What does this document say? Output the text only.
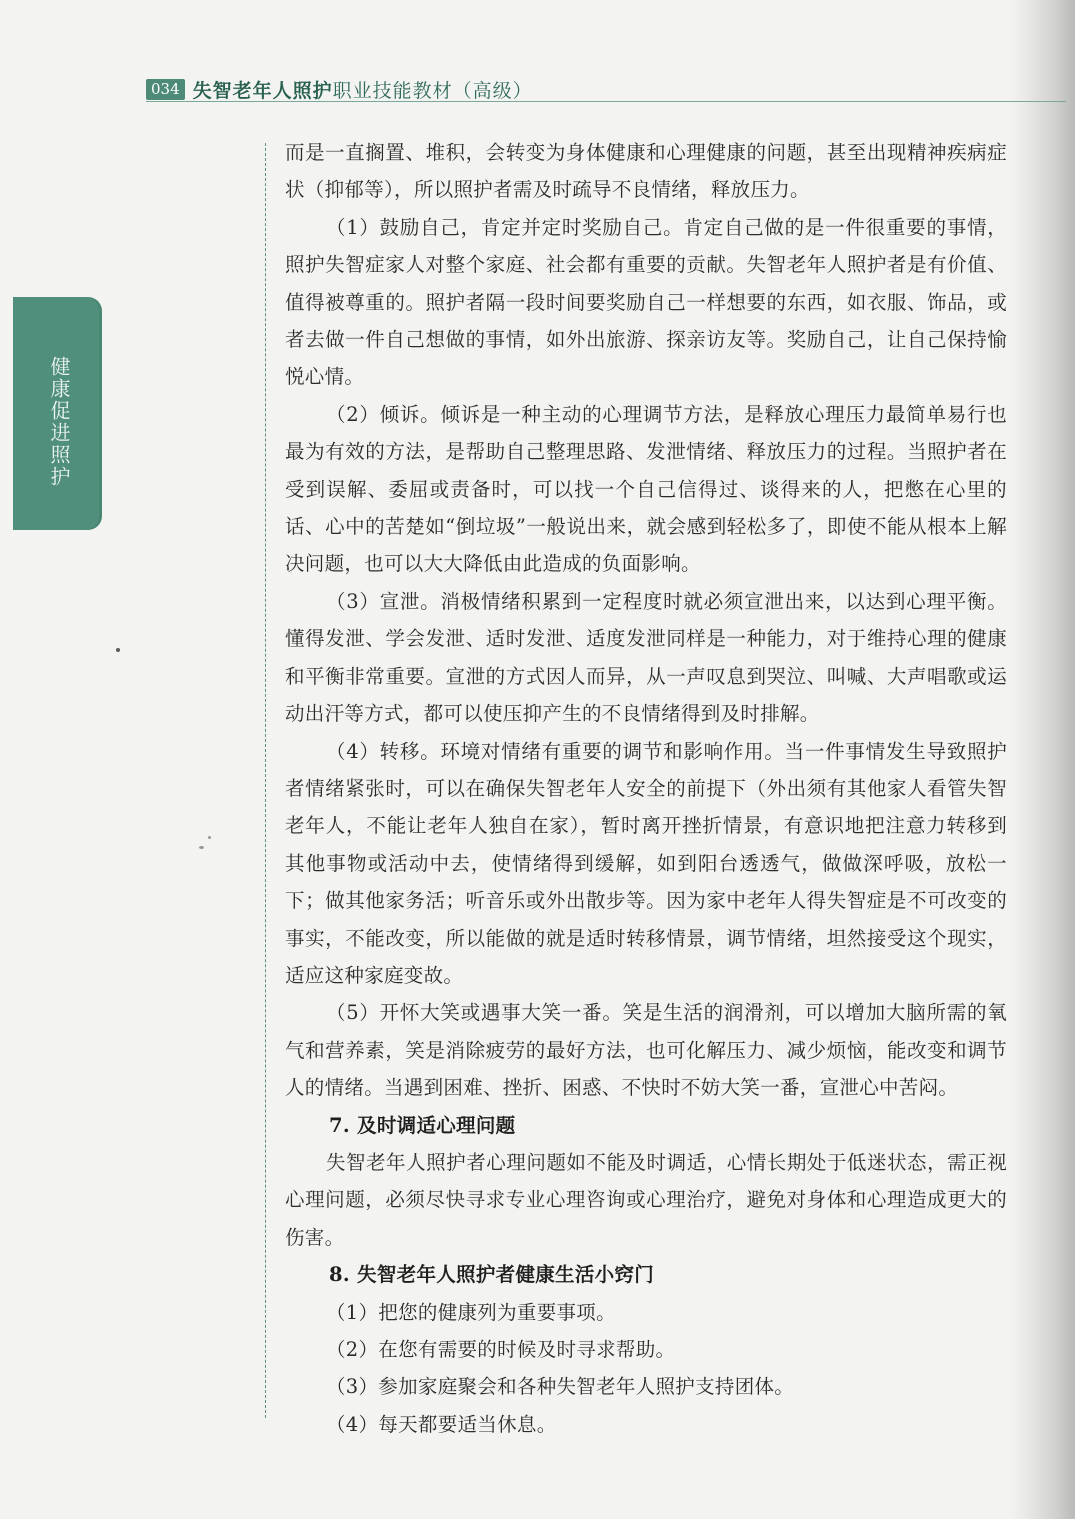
034 失智老年人照护职业技能教材（高级）
健康促进照护

而是一直搁置、堆积，会转变为身体健康和心理健康的问题，甚至出现精神疾病症状（抑郁等），所以照护者需及时疏导不良情绪，释放压力。

（1）鼓励自己，肯定并定时奖励自己。肯定自己做的是一件很重要的事情，照护失智症家人对整个家庭、社会都有重要的贡献。失智老年人照护者是有价值、值得被尊重的。照护者隔一段时间要奖励自己一样想要的东西，如衣服、饰品，或者去做一件自己想做的事情，如外出旅游、探亲访友等。奖励自己，让自己保持愉悦心情。

（2）倾诉。倾诉是一种主动的心理调节方法，是释放心理压力最简单易行也最为有效的方法，是帮助自己整理思路、发泄情绪、释放压力的过程。当照护者在受到误解、委屈或责备时，可以找一个自己信得过、谈得来的人，把憋在心里的话、心中的苦楚如“倒垃圾”一般说出来，就会感到轻松多了，即使不能从根本上解决问题，也可以大大降低由此造成的负面影响。

（3）宣泄。消极情绪积累到一定程度时就必须宣泄出来，以达到心理平衡。懂得发泄、学会发泄、适时发泄、适度发泄同样是一种能力，对于维持心理的健康和平衡非常重要。宣泄的方式因人而异，从一声叹息到哭泣、叫喊、大声唱歌或运动出汗等方式，都可以使压抑产生的不良情绪得到及时排解。

（4）转移。环境对情绪有重要的调节和影响作用。当一件事情发生导致照护者情绪紧张时，可以在确保失智老年人安全的前提下（外出须有其他家人看管失智老年人，不能让老年人独自在家），暂时离开挫折情景，有意识地把注意力转移到其他事物或活动中去，使情绪得到缓解，如到阳台透透气，做做深呼吸，放松一下；做其他家务活；听音乐或外出散步等。因为家中老年人得失智症是不可改变的事实，不能改变，所以能做的就是适时转移情景，调节情绪，坦然接受这个现实，适应这种家庭变故。

（5）开怀大笑或遇事大笑一番。笑是生活的润滑剂，可以增加大脑所需的氧气和营养素，笑是消除疲劳的最好方法，也可化解压力、减少烦恼，能改变和调节人的情绪。当遇到困难、挫折、困惑、不快时不妨大笑一番，宣泄心中苦闷。

7. 及时调适心理问题

失智老年人照护者心理问题如不能及时调适，心情长期处于低迷状态，需正视心理问题，必须尽快寻求专业心理咨询或心理治疗，避免对身体和心理造成更大的伤害。

8. 失智老年人照护者健康生活小窍门

（1）把您的健康列为重要事项。

（2）在您有需要的时候及时寻求帮助。

（3）参加家庭聚会和各种失智老年人照护支持团体。

（4）每天都要适当休息。
